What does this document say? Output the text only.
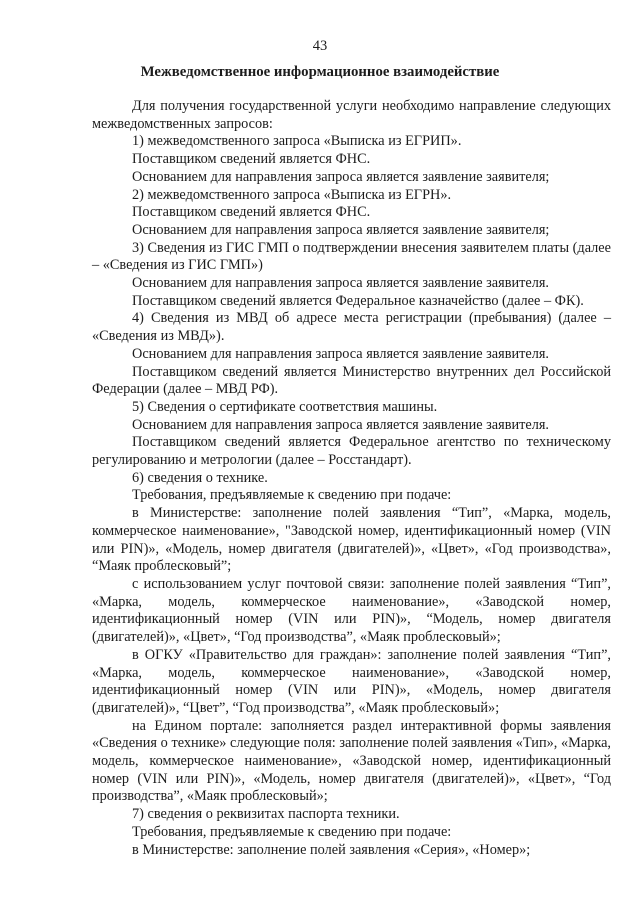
43
Межведомственное информационное взаимодействие

Для получения государственной услуги необходимо направление следующих межведомственных запросов:

1) межведомственного запроса «Выписка из ЕГРИП».

Поставщиком сведений является ФНС.

Основанием для направления запроса является заявление заявителя;

2) межведомственного запроса «Выписка из ЕГРН».

Поставщиком сведений является ФНС.

Основанием для направления запроса является заявление заявителя;

3) Сведения из ГИС ГМП о подтверждении внесения заявителем платы (далее – «Сведения из ГИС ГМП»)

Основанием для направления запроса является заявление заявителя.

Поставщиком сведений является Федеральное казначейство (далее – ФК).

4) Сведения из МВД об адресе места регистрации (пребывания) (далее – «Сведения из МВД»).

Основанием для направления запроса является заявление заявителя.

Поставщиком сведений является Министерство внутренних дел Российской Федерации (далее – МВД РФ).

5) Сведения о сертификате соответствия машины.

Основанием для направления запроса является заявление заявителя.

Поставщиком сведений является Федеральное агентство по техническому регулированию и метрологии (далее – Росстандарт).

6) сведения о технике.

Требования, предъявляемые к сведению при подаче:

в Министерстве: заполнение полей заявления “Тип”, «Марка, модель, коммерческое наименование», "Заводской номер, идентификационный номер (VIN или PIN)», «Модель, номер двигателя (двигателей)», «Цвет», «Год производства», “Маяк проблесковый”;

с использованием услуг почтовой связи: заполнение полей заявления “Тип”, «Марка, модель, коммерческое наименование», «Заводской номер, идентификационный номер (VIN или PIN)», “Модель, номер двигателя (двигателей)», «Цвет», “Год производства”, «Маяк проблесковый»;

в ОГКУ «Правительство для граждан»: заполнение полей заявления “Тип”, «Марка, модель, коммерческое наименование», «Заводской номер, идентификационный номер (VIN или PIN)», «Модель, номер двигателя (двигателей)», “Цвет”, “Год производства”, «Маяк проблесковый»;

на Едином портале: заполняется раздел интерактивной формы заявления «Сведения о технике» следующие поля: заполнение полей заявления «Тип», «Марка, модель, коммерческое наименование», «Заводской номер, идентификационный номер (VIN или PIN)», «Модель, номер двигателя (двигателей)», «Цвет», “Год производства”, «Маяк проблесковый»;

7) сведения о реквизитах паспорта техники.

Требования, предъявляемые к сведению при подаче:

в Министерстве: заполнение полей заявления «Серия», «Номер»;
